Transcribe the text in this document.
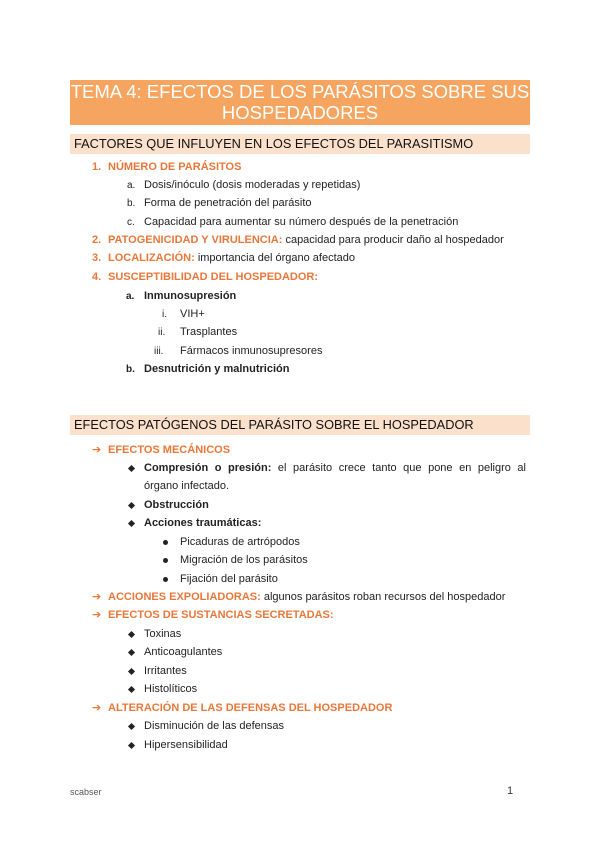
TEMA 4: EFECTOS DE LOS PARÁSITOS SOBRE SUS HOSPEDADORES
FACTORES QUE INFLUYEN EN LOS EFECTOS DEL PARASITISMO
1. NÚMERO DE PARÁSITOS
a. Dosis/inóculo (dosis moderadas y repetidas)
b. Forma de penetración del parásito
c. Capacidad para aumentar su número después de la penetración
2. PATOGENICIDAD Y VIRULENCIA: capacidad para producir daño al hospedador
3. LOCALIZACIÓN: importancia del órgano afectado
4. SUSCEPTIBILIDAD DEL HOSPEDADOR:
a. Inmunosupresión
i. VIH+
ii. Trasplantes
iii. Fármacos inmunosupresores
b. Desnutrición y malnutrición
EFECTOS PATÓGENOS DEL PARÁSITO SOBRE EL HOSPEDADOR
➔ EFECTOS MECÁNICOS
Compresión o presión: el parásito crece tanto que pone en peligro al
órgano infectado.
Obstrucción
Acciones traumáticas:
Picaduras de artrópodos
Migración de los parásitos
Fijación del parásito
➔ ACCIONES EXPOLIADORAS: algunos parásitos roban recursos del hospedador
➔ EFECTOS DE SUSTANCIAS SECRETADAS:
Toxinas
Anticoagulantes
Irritantes
Histolíticos
➔ ALTERACIÓN DE LAS DEFENSAS DEL HOSPEDADOR
Disminución de las defensas
Hipersensibilidad
scabser	1
